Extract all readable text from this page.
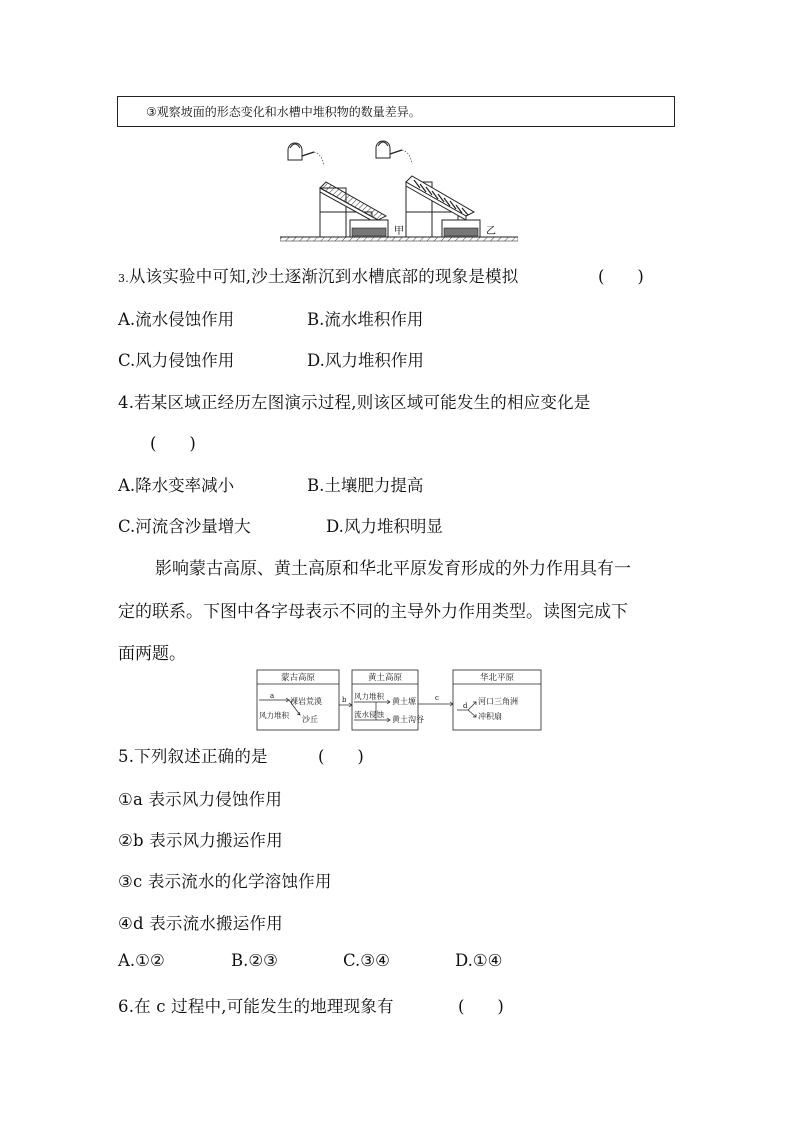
③观察坡面的形态变化和水槽中堆积物的数量差异。
甲	乙
3.从该实验中可知,沙土逐渐沉到水槽底部的现象是模拟	(　　)
A.流水侵蚀作用	B.流水堆积作用
C.风力侵蚀作用	D.风力堆积作用
4.若某区域正经历左图演示过程,则该区域可能发生的相应变化是
(　　)
A.降水变率减小	B.土壤肥力提高
C.河流含沙量增大	D.风力堆积明显
影响蒙古高原、黄土高原和华北平原发育形成的外力作用具有一
定的联系。下图中各字母表示不同的主导外力作用类型。读图完成下
面两题。
蒙古高原	黄土高原	华北平原
a
裸岩荒漠
风力堆积 沙丘
b 风力堆积
黄土塬
流水侵蚀
黄土沟谷
c
d 河口三角洲
冲积扇
5.下列叙述正确的是	(　　)
①a 表示风力侵蚀作用
②b 表示风力搬运作用
③c 表示流水的化学溶蚀作用
④d 表示流水搬运作用
A.①②	B.②③	C.③④	D.①④
6.在 c 过程中,可能发生的地理现象有	(　　)
